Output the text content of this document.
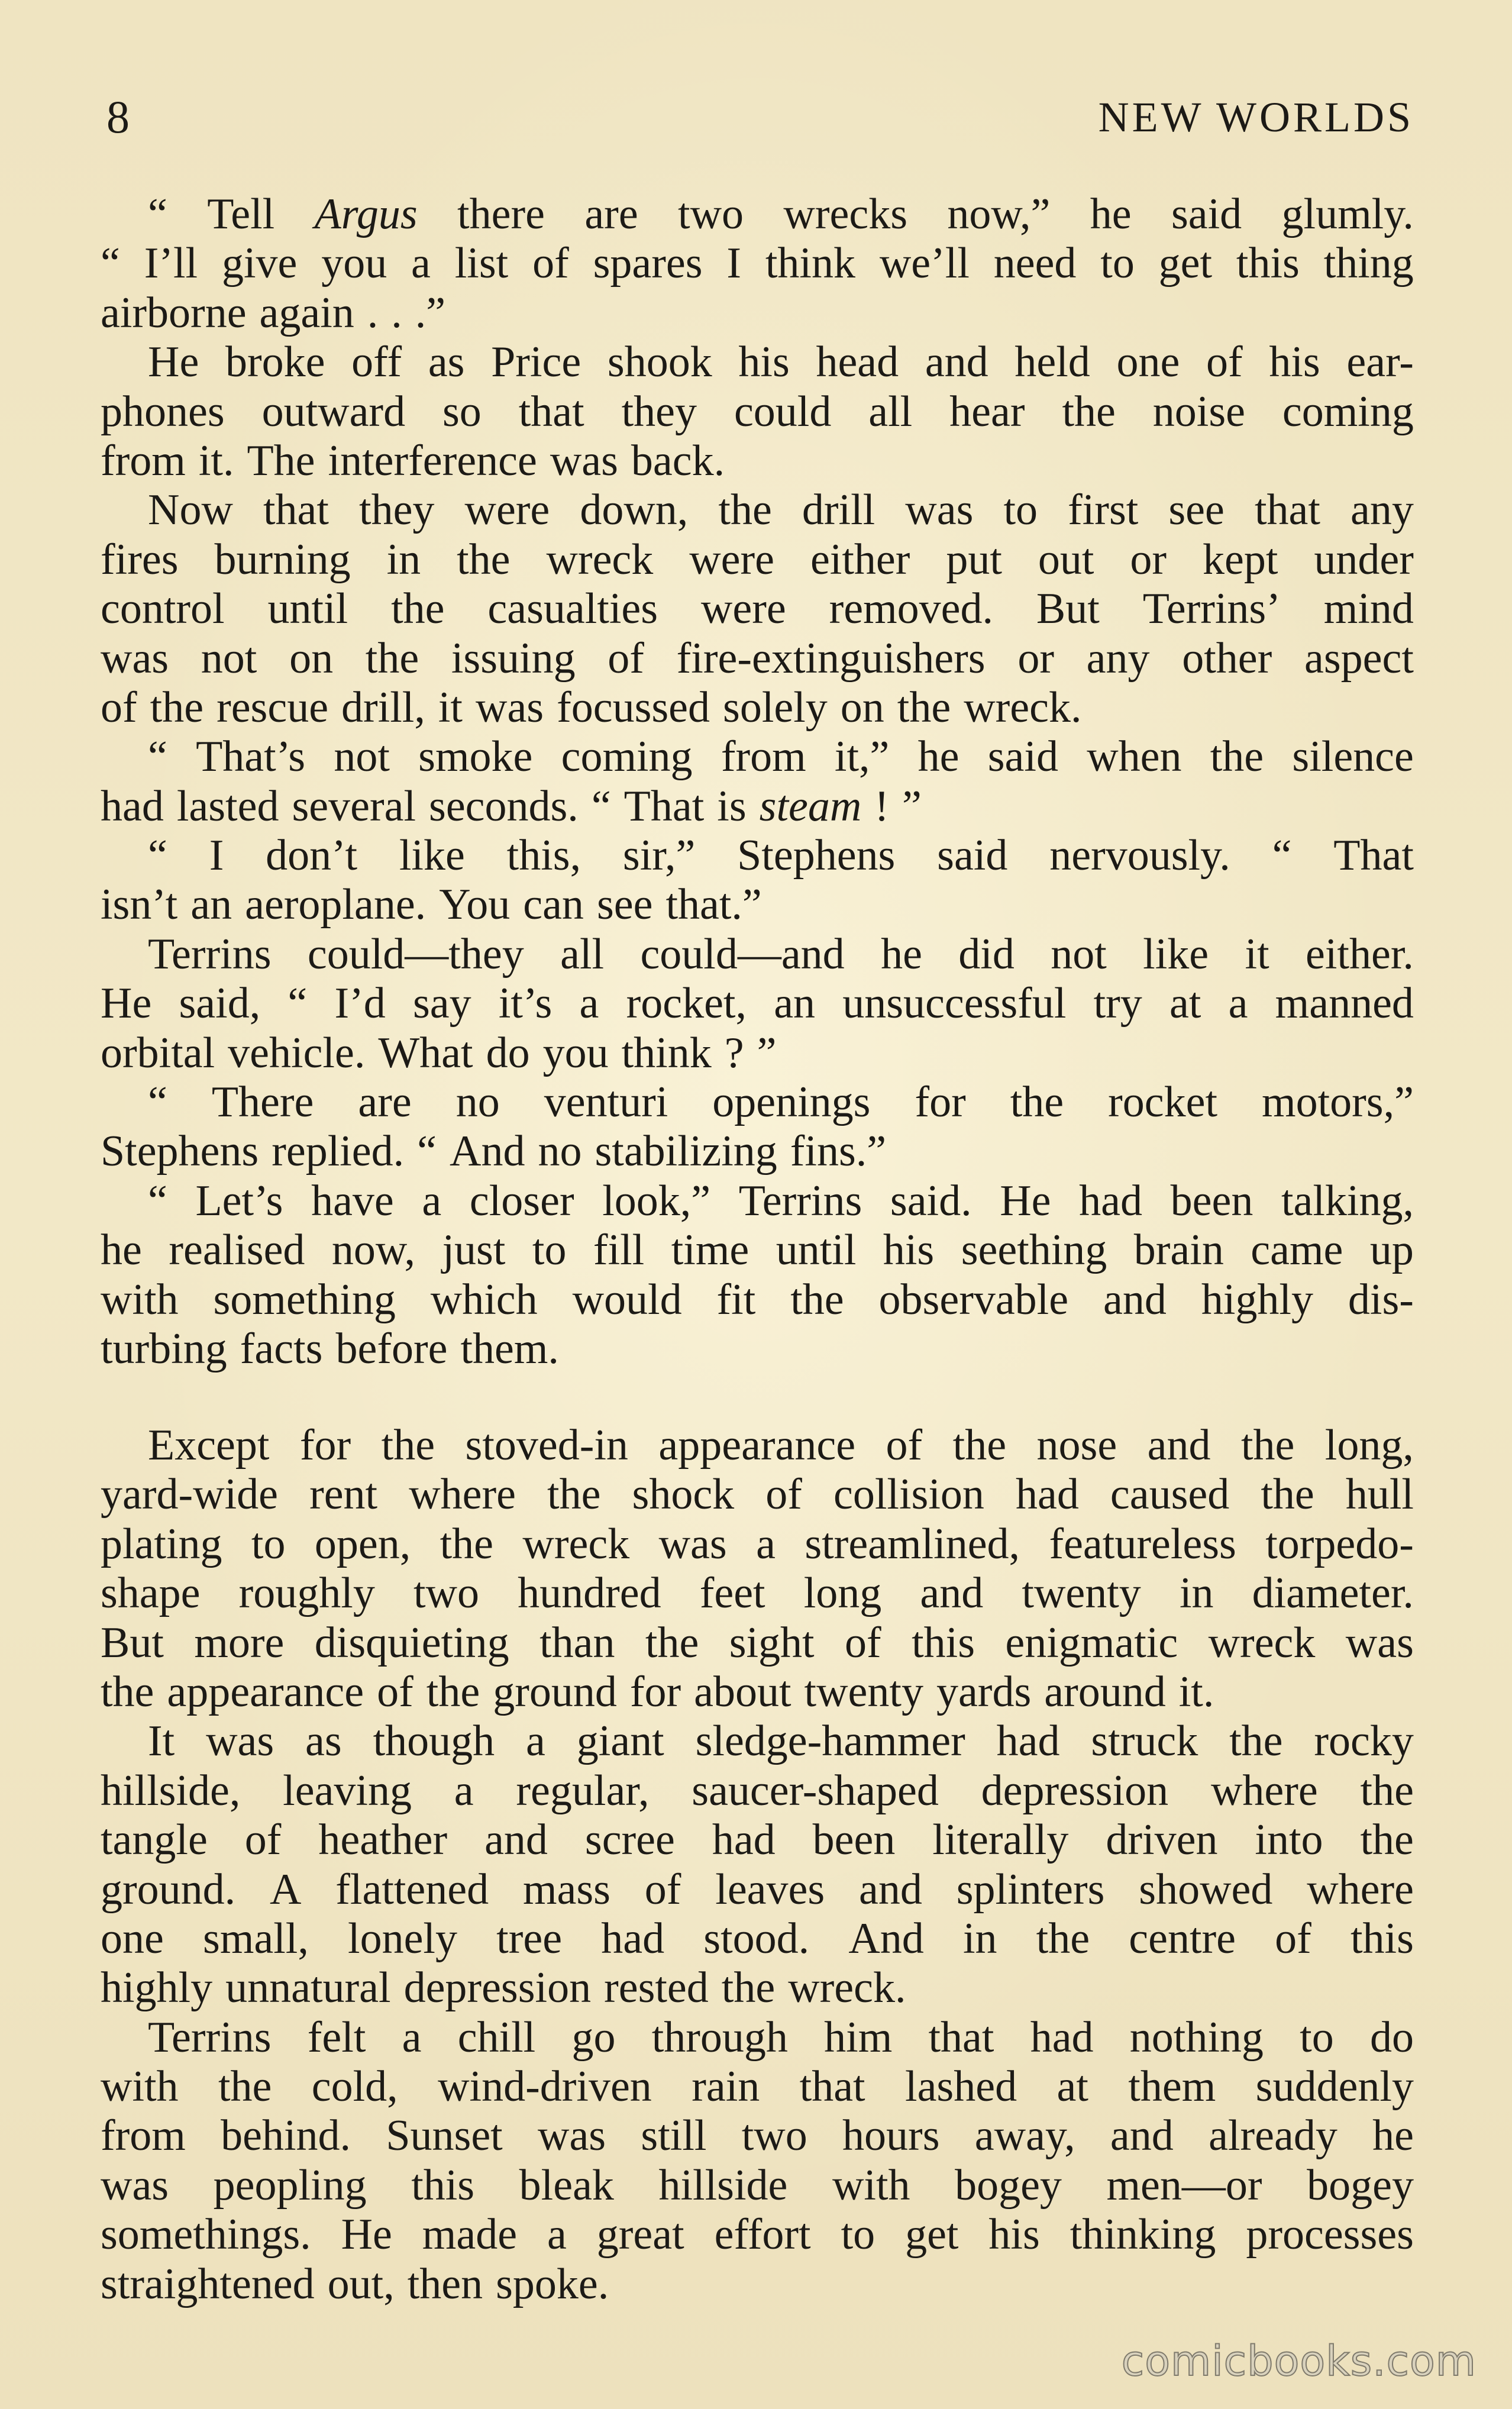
8	NEW WORLDS
“ Tell Argus there are two wrecks now,” he said glumly.
“ I’ll give you a list of spares I think we’ll need to get this thing
airborne again . . .”
He broke off as Price shook his head and held one of his ear-
phones outward so that they could all hear the noise coming
from it. The interference was back.
Now that they were down, the drill was to first see that any
fires burning in the wreck were either put out or kept under
control until the casualties were removed. But Terrins’ mind
was not on the issuing of fire-extinguishers or any other aspect
of the rescue drill, it was focussed solely on the wreck.
“ That’s not smoke coming from it,” he said when the silence
had lasted several seconds. “ That is steam ! ”
“ I don’t like this, sir,” Stephens said nervously. “ That
isn’t an aeroplane. You can see that.”
Terrins could—they all could—and he did not like it either.
He said, “ I’d say it’s a rocket, an unsuccessful try at a manned
orbital vehicle. What do you think ? ”
“ There are no venturi openings for the rocket motors,”
Stephens replied. “ And no stabilizing fins.”
“ Let’s have a closer look,” Terrins said. He had been talking,
he realised now, just to fill time until his seething brain came up
with something which would fit the observable and highly dis-
turbing facts before them.
Except for the stoved-in appearance of the nose and the long,
yard-wide rent where the shock of collision had caused the hull
plating to open, the wreck was a streamlined, featureless torpedo-
shape roughly two hundred feet long and twenty in diameter.
But more disquieting than the sight of this enigmatic wreck was
the appearance of the ground for about twenty yards around it.
It was as though a giant sledge-hammer had struck the rocky
hillside, leaving a regular, saucer-shaped depression where the
tangle of heather and scree had been literally driven into the
ground. A flattened mass of leaves and splinters showed where
one small, lonely tree had stood. And in the centre of this
highly unnatural depression rested the wreck.
Terrins felt a chill go through him that had nothing to do
with the cold, wind-driven rain that lashed at them suddenly
from behind. Sunset was still two hours away, and already he
was peopling this bleak hillside with bogey men—or bogey
somethings. He made a great effort to get his thinking processes
straightened out, then spoke.
comicbooks.com
